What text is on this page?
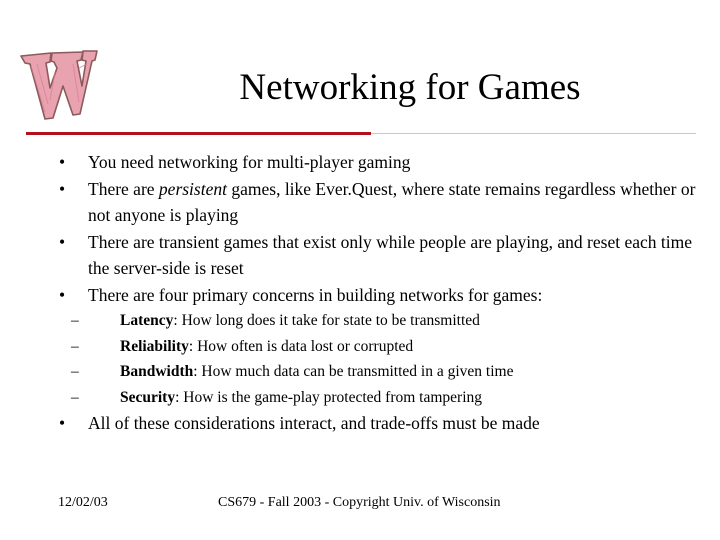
Networking for Games
• You need networking for multi-player gaming
• There are persistent games, like Ever.Quest, where state remains regardless whether or not anyone is playing
• There are transient games that exist only while people are playing, and reset each time the server-side is reset
• There are four primary concerns in building networks for games:
–	Latency: How long does it take for state to be transmitted
–	Reliability: How often is data lost or corrupted
–	Bandwidth: How much data can be transmitted in a given time
–	Security: How is the game-play protected from tampering
• All of these considerations interact, and trade-offs must be made
12/02/03	CS679 - Fall 2003 - Copyright Univ. of Wisconsin
